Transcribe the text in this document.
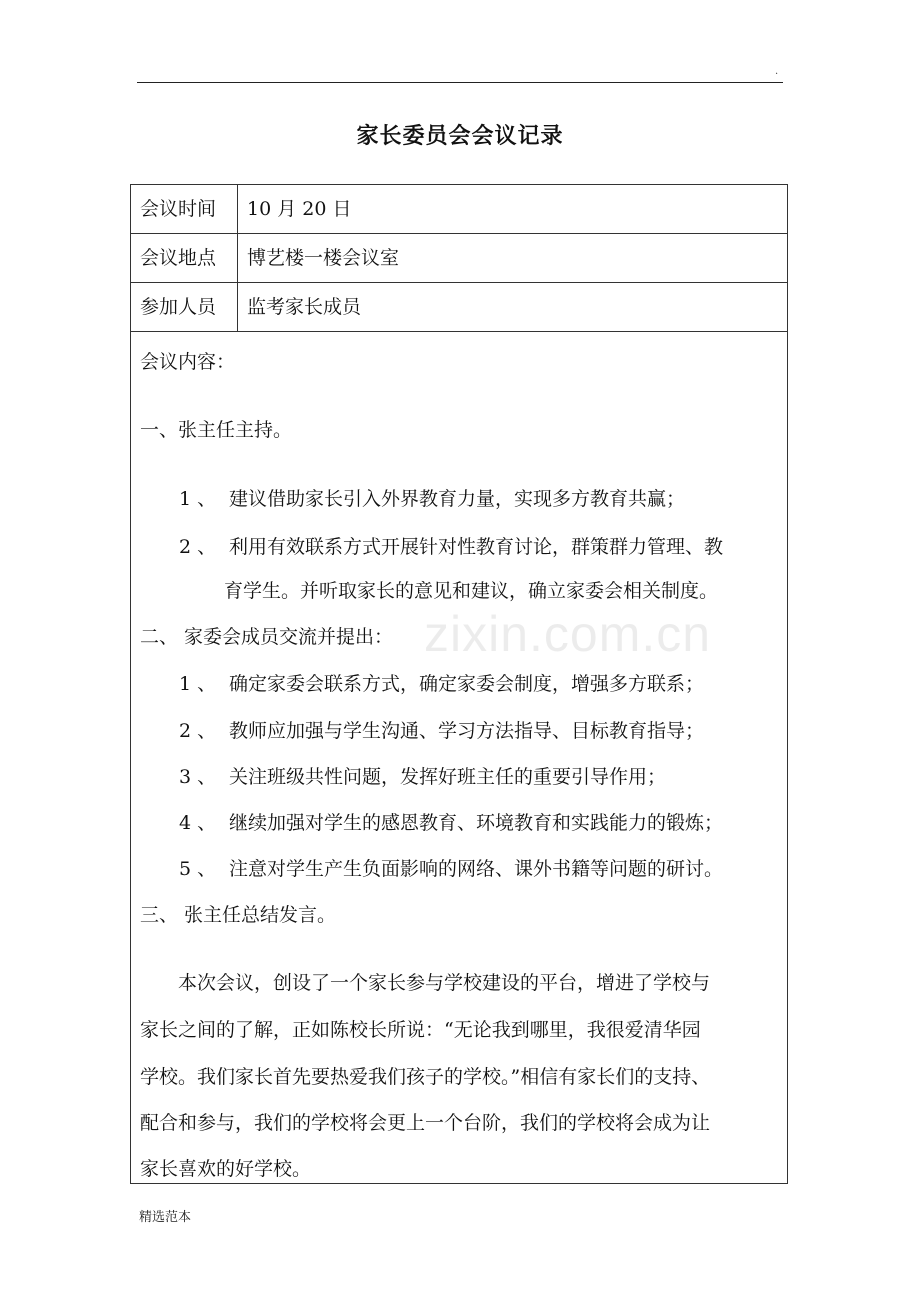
.
家长委员会会议记录
会议时间	10 月 20 日
会议地点	博艺楼一楼会议室
参加人员	监考家长成员
会议内容：
一、张主任主持。
1 、 建议借助家长引入外界教育力量，实现多方教育共赢；
2 、 利用有效联系方式开展针对性教育讨论，群策群力管理、教
育学生。并听取家长的意见和建议，确立家委会相关制度。
二、 家委会成员交流并提出：
1 、 确定家委会联系方式，确定家委会制度，增强多方联系；
2 、 教师应加强与学生沟通、学习方法指导、目标教育指导；
3 、 关注班级共性问题，发挥好班主任的重要引导作用；
4 、 继续加强对学生的感恩教育、环境教育和实践能力的锻炼；
5 、 注意对学生产生负面影响的网络、课外书籍等问题的研讨。
三、 张主任总结发言。
本次会议，创设了一个家长参与学校建设的平台，增进了学校与
家长之间的了解，正如陈校长所说：“无论我到哪里，我很爱清华园
学校。我们家长首先要热爱我们孩子的学校。”相信有家长们的支持、
配合和参与，我们的学校将会更上一个台阶，我们的学校将会成为让
家长喜欢的好学校。
zixin.com.cn
精选范本
